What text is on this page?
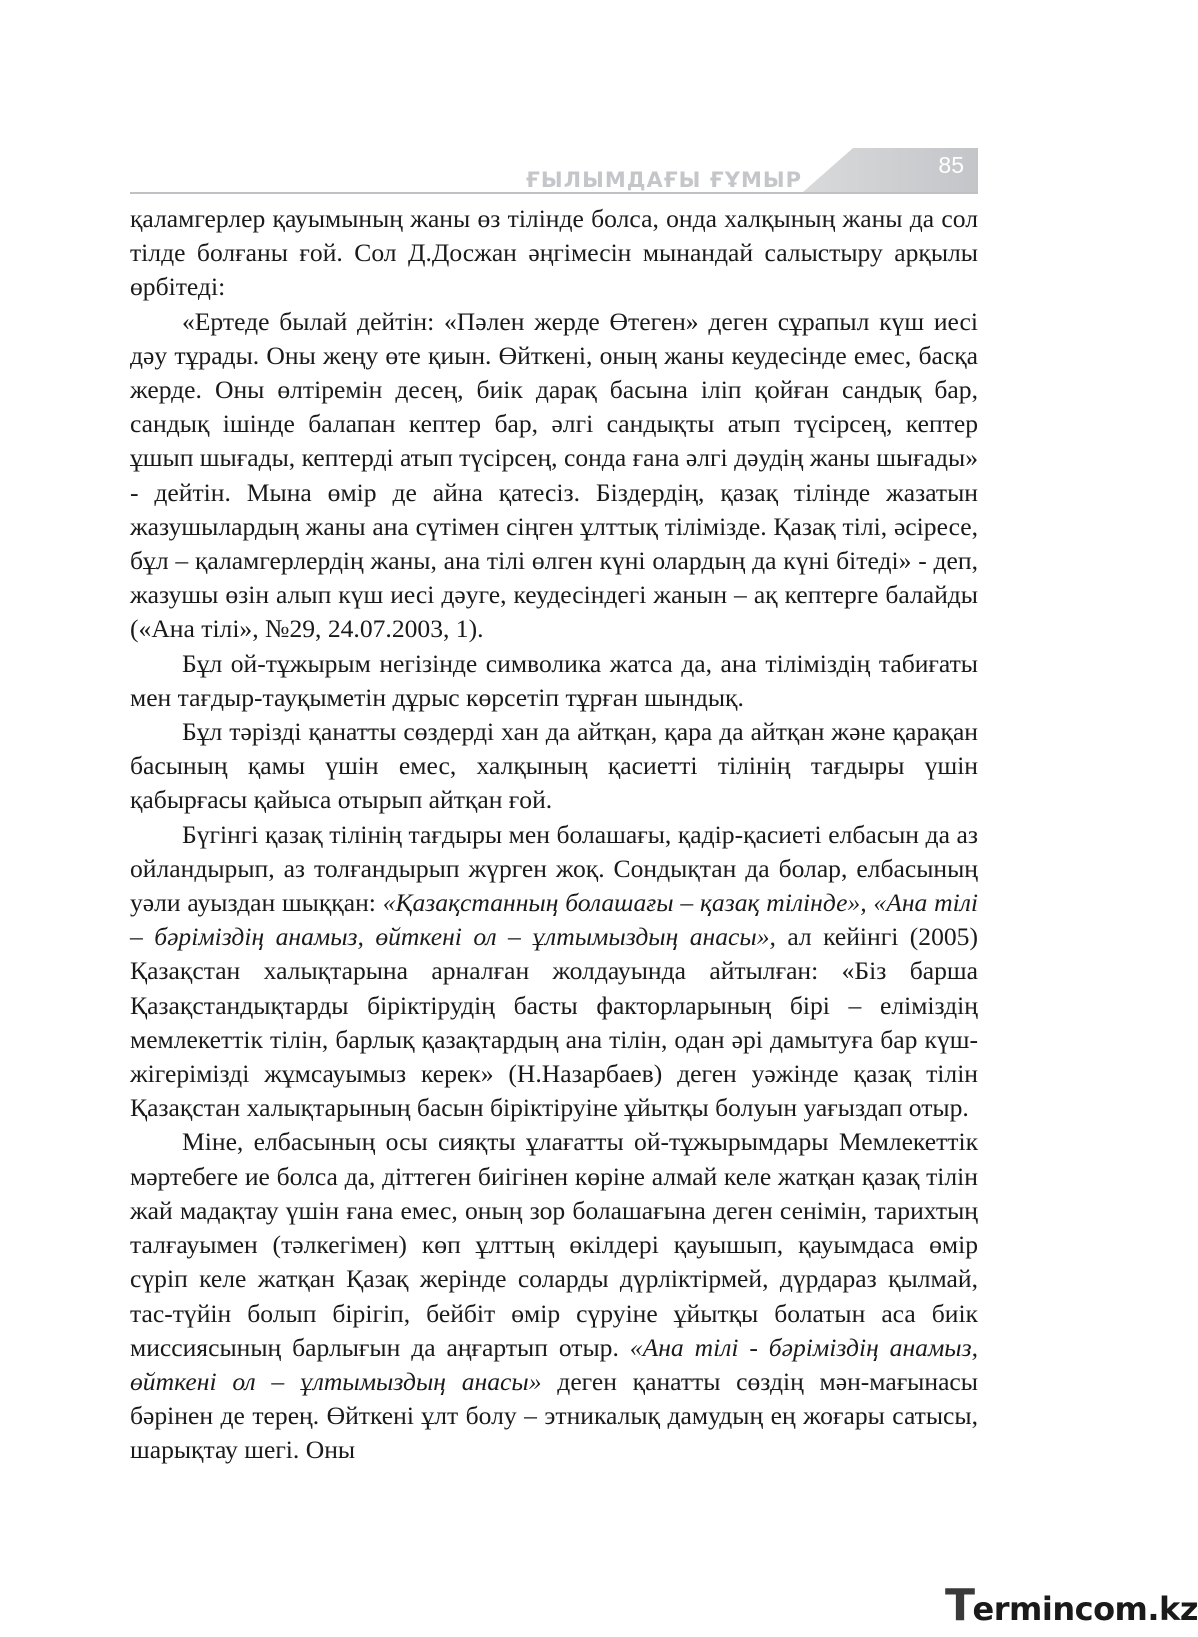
ҒЫЛЫМДАҒЫ ҒҰМЫР
85

қаламгерлер қауымының жаны өз тілінде болса, онда халқының жаны да сол тілде болғаны ғой. Сол Д.Досжан әңгімесін мынандай салыстыру арқылы өрбітеді:

«Ертеде былай дейтін: «Пәлен жерде Өтеген» деген сұрапыл күш иесі дәу тұрады. Оны жеңу өте қиын. Өйткені, оның жаны кеудесінде емес, басқа жерде. Оны өлтіремін десең, биік дарақ басына іліп қойған сандық бар, сандық ішінде балапан кептер бар, әлгі сандықты атып түсірсең, кептер ұшып шығады, кептерді атып түсірсең, сонда ғана әлгі дәудің жаны шығады» - дейтін. Мына өмір де айна қатесіз. Біздердің, қазақ тілінде жазатын жазушылардың жаны ана сүтімен сіңген ұлттық тілімізде. Қазақ тілі, әсіресе, бұл – қаламгерлердің жаны, ана тілі өлген күні олардың да күні бітеді» - деп, жазушы өзін алып күш иесі дәуге, кеудесіндегі жанын – ақ кептерге балайды («Ана тілі», №29, 24.07.2003, 1).

Бұл ой-тұжырым негізінде символика жатса да, ана тіліміздің табиғаты мен тағдыр-тауқыметін дұрыс көрсетіп тұрған шындық.

Бұл тәрізді қанатты сөздерді хан да айтқан, қара да айтқан және қарақан басының қамы үшін емес, халқының қасиетті тілінің тағдыры үшін қабырғасы қайыса отырып айтқан ғой.

Бүгінгі қазақ тілінің тағдыры мен болашағы, қадір-қасиеті елбасын да аз ойландырып, аз толғандырып жүрген жоқ. Сондықтан да болар, елбасының уәли ауыздан шыққан: «Қазақстанның болашағы – қазақ тілінде», «Ана тілі – бәріміздің анамыз, өйткені ол – ұлтымыздың анасы», ал кейінгі (2005) Қазақстан халықтарына арналған жолдауында айтылған: «Біз барша Қазақстандықтарды біріктірудің басты факторларының бірі – еліміздің мемлекеттік тілін, барлық қазақтардың ана тілін, одан әрі дамытуға бар күш-жігерімізді жұмсауымыз керек» (Н.Назарбаев) деген уәжінде қазақ тілін Қазақстан халықтарының басын біріктіруіне ұйытқы болуын уағыздап отыр.

Міне, елбасының осы сияқты ұлағатты ой-тұжырымдары Мемлекеттік мәртебеге ие болса да, діттеген биігінен көріне алмай келе жатқан қазақ тілін жай мадақтау үшін ғана емес, оның зор болашағына деген сенімін, тарихтың талғауымен (тәлкегімен) көп ұлттың өкілдері қауышып, қауымдаса өмір сүріп келе жатқан Қазақ жерінде соларды дүрліктірмей, дүрдараз қылмай, тас-түйін болып бірігіп, бейбіт өмір сүруіне ұйытқы болатын аса биік миссиясының барлығын да аңғартып отыр. «Ана тілі - бәріміздің анамыз, өйткені ол – ұлтымыздың анасы» деген қанатты сөздің мән-мағынасы бәрінен де терең. Өйткені ұлт болу – этникалық дамудың ең жоғары сатысы, шарықтау шегі. Оны

Termincom.kz
